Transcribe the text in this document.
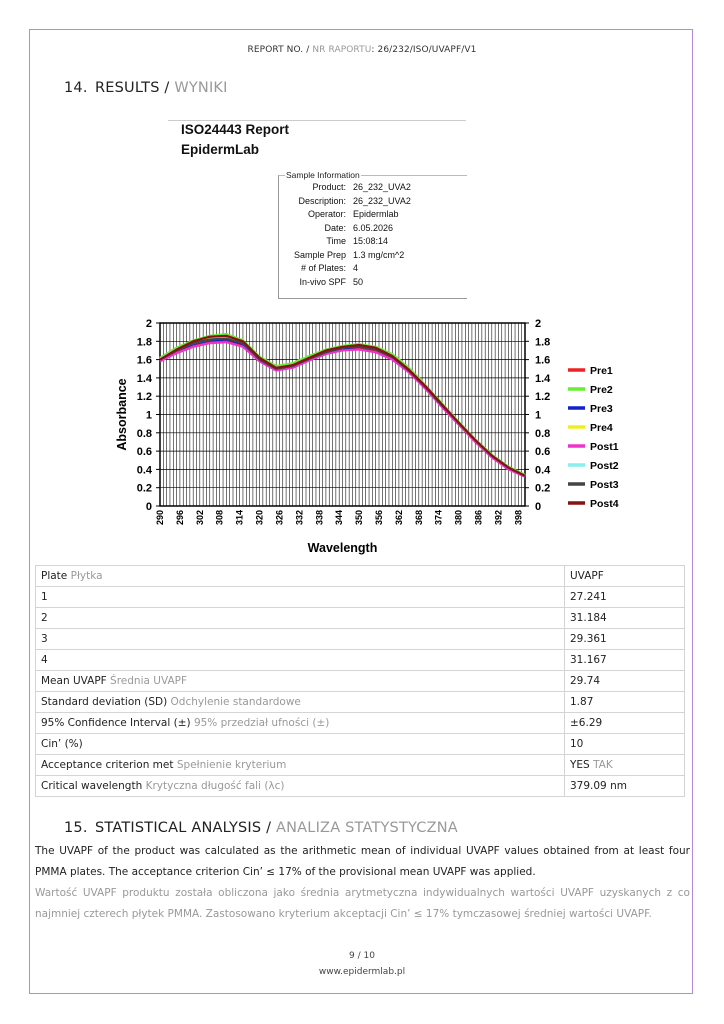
REPORT NO. / NR RAPORTU: 26/232/ISO/UVAPF/V1
14. RESULTS / WYNIKI
ISO24443 Report
EpidermLab
Sample Information
Product: 26_232_UVA2
Description: 26_232_UVA2
Operator: Epidermlab
Date: 6.05.2026
Time 15:08:14
Sample Prep 1.3 mg/cm^2
# of Plates: 4
In-vivo SPF 50
0	0
0.2	0.2
0.4	0.4
0.6	0.6
0.8	0.8
1	1
1.2	1.2
1.4	1.4
1.6	1.6
1.8	1.8
2	2
290 296 302 308 314 320 326 332 338 344 350 356 362 368 374 380 386 392 398
Wavelength
Absorbance
Pre1
Pre2
Pre3
Pre4
Post1
Post2
Post3
Post4
Plate Płytka	UVAPF
1	27.241
2	31.184
3	29.361
4	31.167
Mean UVAPF Średnia UVAPF	29.74
Standard deviation (SD) Odchylenie standardowe	1.87
95% Confidence Interval (±) 95% przedział ufności (±)	±6.29
Cin’ (%)	10
Acceptance criterion met Spełnienie kryterium	YES TAK
Critical wavelength Krytyczna długość fali (λc)	379.09 nm
15. STATISTICAL ANALYSIS / ANALIZA STATYSTYCZNA
The UVAPF of the product was calculated as the arithmetic mean of individual UVAPF values obtained from at least four PMMA plates. The acceptance criterion Cin’ ≤ 17% of the provisional mean UVAPF was applied.
Wartość UVAPF produktu została obliczona jako średnia arytmetyczna indywidualnych wartości UVAPF uzyskanych z co najmniej czterech płytek PMMA. Zastosowano kryterium akceptacji Cin’ ≤ 17% tymczasowej średniej wartości UVAPF.
9 / 10
www.epidermlab.pl
